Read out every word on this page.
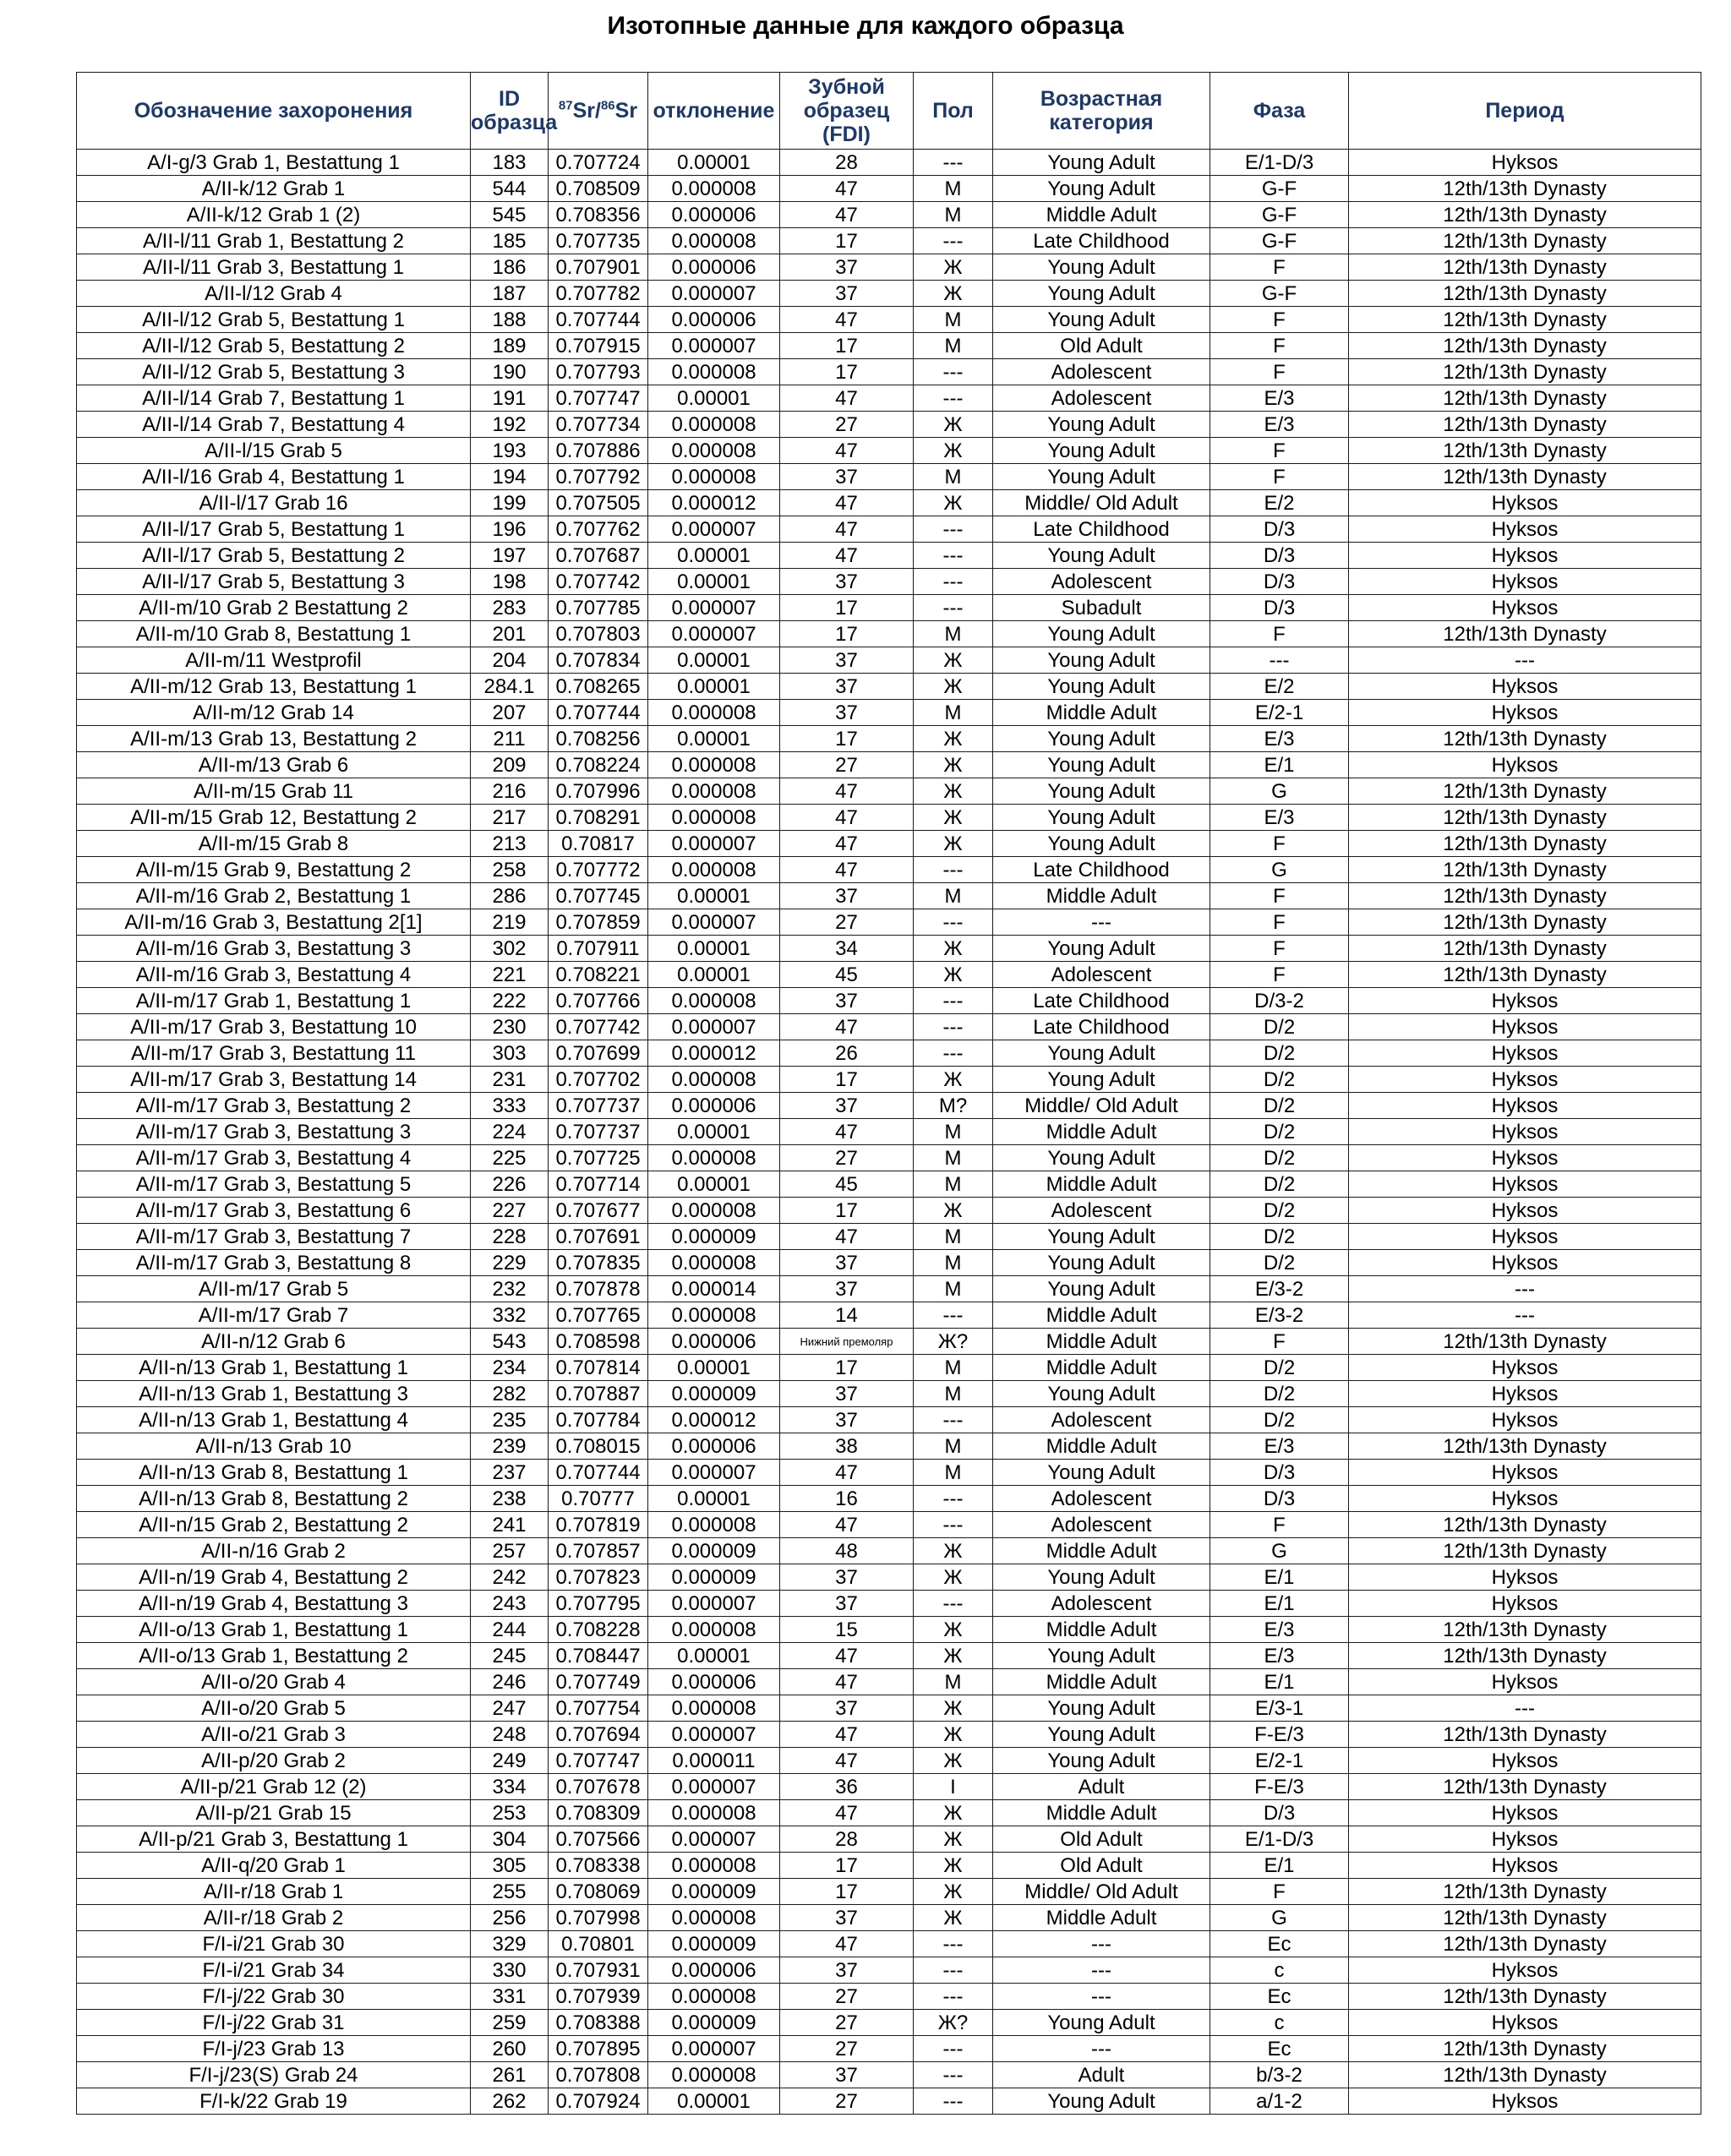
Изотопные данные для каждого образца
Обозначение захоронения	ID образца	$^{87}$Sr/$^{86}$Sr	отклонение	Зубной образец (FDI)	Пол	Возрастная категория	Фаза	Период
A/I-g/3 Grab 1, Bestattung 1	183	0.707724	0.00001	28	---	Young Adult	E/1-D/3	Hyksos
A/II-k/12 Grab 1	544	0.708509	0.000008	47	М	Young Adult	G-F	12th/13th Dynasty
A/II-k/12 Grab 1 (2)	545	0.708356	0.000006	47	М	Middle Adult	G-F	12th/13th Dynasty
A/II-l/11 Grab 1, Bestattung 2	185	0.707735	0.000008	17	---	Late Childhood	G-F	12th/13th Dynasty
A/II-l/11 Grab 3, Bestattung 1	186	0.707901	0.000006	37	Ж	Young Adult	F	12th/13th Dynasty
A/II-l/12 Grab 4	187	0.707782	0.000007	37	Ж	Young Adult	G-F	12th/13th Dynasty
A/II-l/12 Grab 5, Bestattung 1	188	0.707744	0.000006	47	М	Young Adult	F	12th/13th Dynasty
A/II-l/12 Grab 5, Bestattung 2	189	0.707915	0.000007	17	М	Old Adult	F	12th/13th Dynasty
A/II-l/12 Grab 5, Bestattung 3	190	0.707793	0.000008	17	---	Adolescent	F	12th/13th Dynasty
A/II-l/14 Grab 7, Bestattung 1	191	0.707747	0.00001	47	---	Adolescent	E/3	12th/13th Dynasty
A/II-l/14 Grab 7, Bestattung 4	192	0.707734	0.000008	27	Ж	Young Adult	E/3	12th/13th Dynasty
A/II-l/15 Grab 5	193	0.707886	0.000008	47	Ж	Young Adult	F	12th/13th Dynasty
A/II-l/16 Grab 4, Bestattung 1	194	0.707792	0.000008	37	М	Young Adult	F	12th/13th Dynasty
A/II-l/17 Grab 16	199	0.707505	0.000012	47	Ж	Middle/ Old Adult	E/2	Hyksos
A/II-l/17 Grab 5, Bestattung 1	196	0.707762	0.000007	47	---	Late Childhood	D/3	Hyksos
A/II-l/17 Grab 5, Bestattung 2	197	0.707687	0.00001	47	---	Young Adult	D/3	Hyksos
A/II-l/17 Grab 5, Bestattung 3	198	0.707742	0.00001	37	---	Adolescent	D/3	Hyksos
A/II-m/10 Grab 2 Bestattung 2	283	0.707785	0.000007	17	---	Subadult	D/3	Hyksos
A/II-m/10 Grab 8, Bestattung 1	201	0.707803	0.000007	17	М	Young Adult	F	12th/13th Dynasty
A/II-m/11 Westprofil	204	0.707834	0.00001	37	Ж	Young Adult	---	---
A/II-m/12 Grab 13, Bestattung 1	284.1	0.708265	0.00001	37	Ж	Young Adult	E/2	Hyksos
A/II-m/12 Grab 14	207	0.707744	0.000008	37	М	Middle Adult	E/2-1	Hyksos
A/II-m/13 Grab 13, Bestattung 2	211	0.708256	0.00001	17	Ж	Young Adult	E/3	12th/13th Dynasty
A/II-m/13 Grab 6	209	0.708224	0.000008	27	Ж	Young Adult	E/1	Hyksos
A/II-m/15 Grab 11	216	0.707996	0.000008	47	Ж	Young Adult	G	12th/13th Dynasty
A/II-m/15 Grab 12, Bestattung 2	217	0.708291	0.000008	47	Ж	Young Adult	E/3	12th/13th Dynasty
A/II-m/15 Grab 8	213	0.70817	0.000007	47	Ж	Young Adult	F	12th/13th Dynasty
A/II-m/15 Grab 9, Bestattung 2	258	0.707772	0.000008	47	---	Late Childhood	G	12th/13th Dynasty
A/II-m/16 Grab 2, Bestattung 1	286	0.707745	0.00001	37	М	Middle Adult	F	12th/13th Dynasty
A/II-m/16 Grab 3, Bestattung 2[1]	219	0.707859	0.000007	27	---	---	F	12th/13th Dynasty
A/II-m/16 Grab 3, Bestattung 3	302	0.707911	0.00001	34	Ж	Young Adult	F	12th/13th Dynasty
A/II-m/16 Grab 3, Bestattung 4	221	0.708221	0.00001	45	Ж	Adolescent	F	12th/13th Dynasty
A/II-m/17 Grab 1, Bestattung 1	222	0.707766	0.000008	37	---	Late Childhood	D/3-2	Hyksos
A/II-m/17 Grab 3, Bestattung 10	230	0.707742	0.000007	47	---	Late Childhood	D/2	Hyksos
A/II-m/17 Grab 3, Bestattung 11	303	0.707699	0.000012	26	---	Young Adult	D/2	Hyksos
A/II-m/17 Grab 3, Bestattung 14	231	0.707702	0.000008	17	Ж	Young Adult	D/2	Hyksos
A/II-m/17 Grab 3, Bestattung 2	333	0.707737	0.000006	37	М?	Middle/ Old Adult	D/2	Hyksos
A/II-m/17 Grab 3, Bestattung 3	224	0.707737	0.00001	47	М	Middle Adult	D/2	Hyksos
A/II-m/17 Grab 3, Bestattung 4	225	0.707725	0.000008	27	М	Young Adult	D/2	Hyksos
A/II-m/17 Grab 3, Bestattung 5	226	0.707714	0.00001	45	М	Middle Adult	D/2	Hyksos
A/II-m/17 Grab 3, Bestattung 6	227	0.707677	0.000008	17	Ж	Adolescent	D/2	Hyksos
A/II-m/17 Grab 3, Bestattung 7	228	0.707691	0.000009	47	М	Young Adult	D/2	Hyksos
A/II-m/17 Grab 3, Bestattung 8	229	0.707835	0.000008	37	М	Young Adult	D/2	Hyksos
A/II-m/17 Grab 5	232	0.707878	0.000014	37	М	Young Adult	E/3-2	---
A/II-m/17 Grab 7	332	0.707765	0.000008	14	---	Middle Adult	E/3-2	---
A/II-n/12 Grab 6	543	0.708598	0.000006	Нижний премоляр	Ж?	Middle Adult	F	12th/13th Dynasty
A/II-n/13 Grab 1, Bestattung 1	234	0.707814	0.00001	17	М	Middle Adult	D/2	Hyksos
A/II-n/13 Grab 1, Bestattung 3	282	0.707887	0.000009	37	М	Young Adult	D/2	Hyksos
A/II-n/13 Grab 1, Bestattung 4	235	0.707784	0.000012	37	---	Adolescent	D/2	Hyksos
A/II-n/13 Grab 10	239	0.708015	0.000006	38	М	Middle Adult	E/3	12th/13th Dynasty
A/II-n/13 Grab 8, Bestattung 1	237	0.707744	0.000007	47	М	Young Adult	D/3	Hyksos
A/II-n/13 Grab 8, Bestattung 2	238	0.70777	0.00001	16	---	Adolescent	D/3	Hyksos
A/II-n/15 Grab 2, Bestattung 2	241	0.707819	0.000008	47	---	Adolescent	F	12th/13th Dynasty
A/II-n/16 Grab 2	257	0.707857	0.000009	48	Ж	Middle Adult	G	12th/13th Dynasty
A/II-n/19 Grab 4, Bestattung 2	242	0.707823	0.000009	37	Ж	Young Adult	E/1	Hyksos
A/II-n/19 Grab 4, Bestattung 3	243	0.707795	0.000007	37	---	Adolescent	E/1	Hyksos
A/II-o/13 Grab 1, Bestattung 1	244	0.708228	0.000008	15	Ж	Middle Adult	E/3	12th/13th Dynasty
A/II-o/13 Grab 1, Bestattung 2	245	0.708447	0.00001	47	Ж	Young Adult	E/3	12th/13th Dynasty
A/II-o/20 Grab 4	246	0.707749	0.000006	47	М	Middle Adult	E/1	Hyksos
A/II-o/20 Grab 5	247	0.707754	0.000008	37	Ж	Young Adult	E/3-1	---
A/II-o/21 Grab 3	248	0.707694	0.000007	47	Ж	Young Adult	F-E/3	12th/13th Dynasty
A/II-p/20 Grab 2	249	0.707747	0.000011	47	Ж	Young Adult	E/2-1	Hyksos
A/II-p/21 Grab 12 (2)	334	0.707678	0.000007	36	I	Adult	F-E/3	12th/13th Dynasty
A/II-p/21 Grab 15	253	0.708309	0.000008	47	Ж	Middle Adult	D/3	Hyksos
A/II-p/21 Grab 3, Bestattung 1	304	0.707566	0.000007	28	Ж	Old Adult	E/1-D/3	Hyksos
A/II-q/20 Grab 1	305	0.708338	0.000008	17	Ж	Old Adult	E/1	Hyksos
A/II-r/18 Grab 1	255	0.708069	0.000009	17	Ж	Middle/ Old Adult	F	12th/13th Dynasty
A/II-r/18 Grab 2	256	0.707998	0.000008	37	Ж	Middle Adult	G	12th/13th Dynasty
F/I-i/21 Grab 30	329	0.70801	0.000009	47	---	---	Ec	12th/13th Dynasty
F/I-i/21 Grab 34	330	0.707931	0.000006	37	---	---	c	Hyksos
F/I-j/22 Grab 30	331	0.707939	0.000008	27	---	---	Ec	12th/13th Dynasty
F/I-j/22 Grab 31	259	0.708388	0.000009	27	Ж?	Young Adult	c	Hyksos
F/I-j/23 Grab 13	260	0.707895	0.000007	27	---	---	Ec	12th/13th Dynasty
F/I-j/23(S) Grab 24	261	0.707808	0.000008	37	---	Adult	b/3-2	12th/13th Dynasty
F/I-k/22 Grab 19	262	0.707924	0.00001	27	---	Young Adult	a/1-2	Hyksos
